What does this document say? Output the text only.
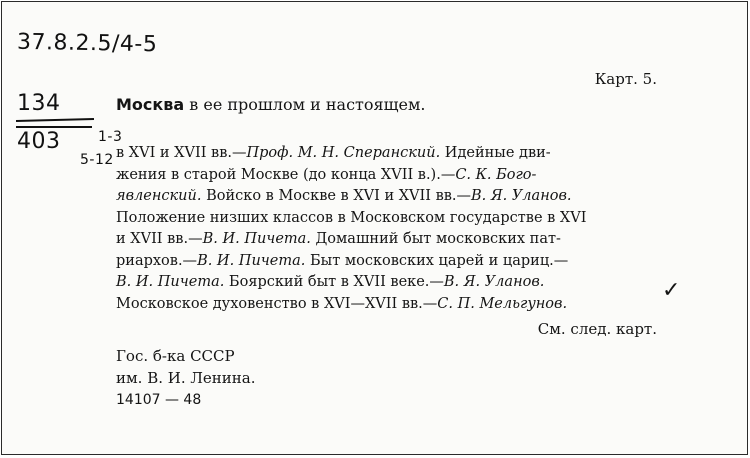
37.8.2.5/4-5
134
403	1-3
5-12
✓
Карт. 5.
Москва в ее прошлом и настоящем.
в XVI и XVII вв.—Проф. М. Н. Сперанский. Идейные дви-
жения в старой Москве (до конца XVII в.).—С. К. Бого-
явленский. Войско в Москве в XVI и XVII вв.—В. Я. Уланов.
Положение низших классов в Московском государстве в XVI
и XVII вв.—В. И. Пичета. Домашний быт московских пат-
риархов.—В. И. Пичета. Быт московских царей и цариц.—
В. И. Пичета. Боярский быт в XVII веке.—В. Я. Уланов.
Московское духовенство в XVI—XVII вв.—С. П. Мельгунов.
См. след. карт.
Гос. б-ка СССР
им. В. И. Ленина.
14107 — 48
